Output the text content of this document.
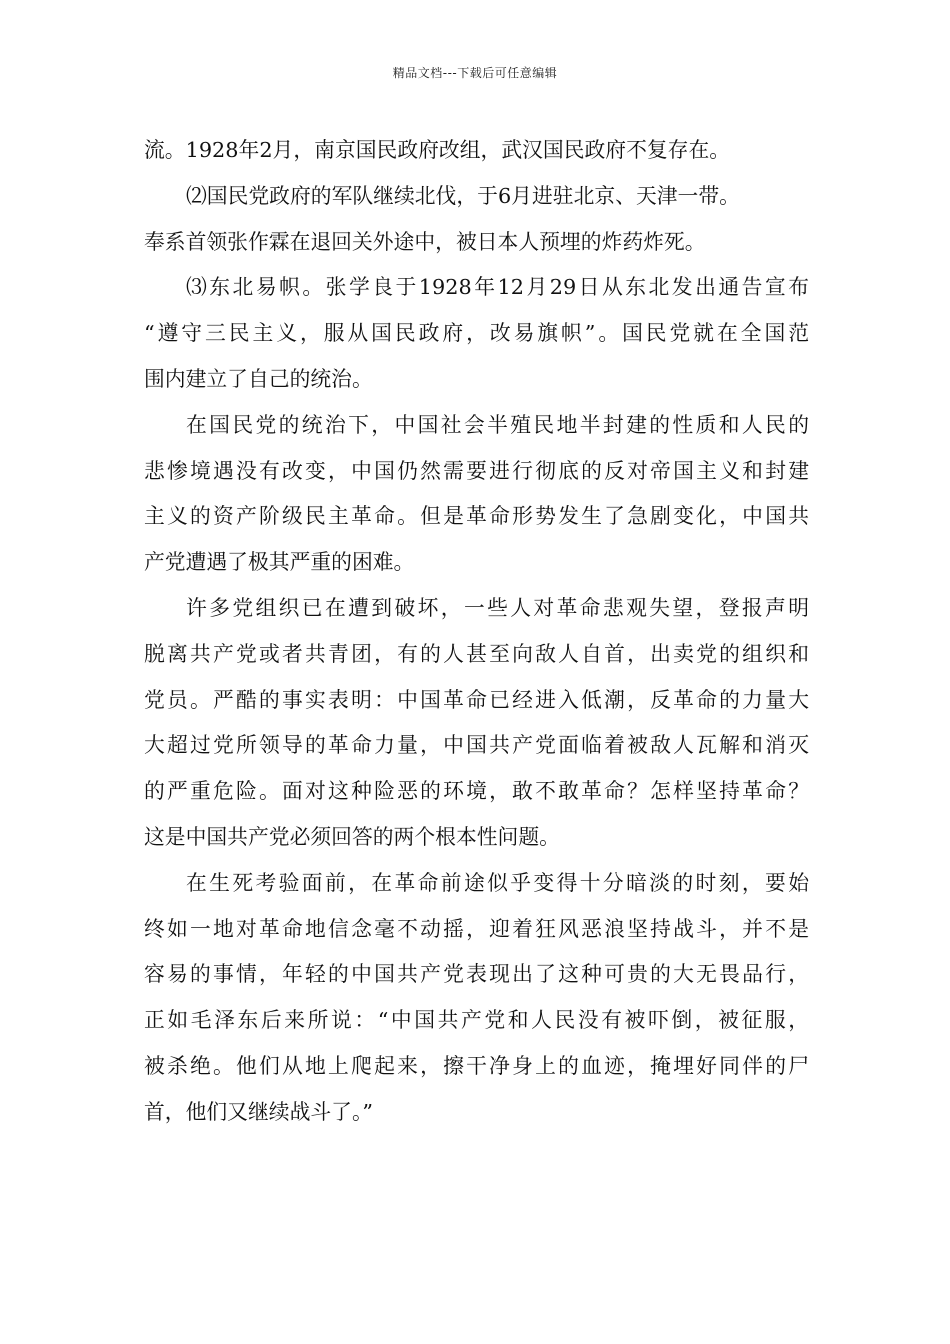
精品文档---下载后可任意编辑
流。1928年2月，南京国民政府改组，武汉国民政府不复存在。
⑵国民党政府的军队继续北伐，于6月进驻北京、天津一带。
奉系首领张作霖在退回关外途中，被日本人预埋的炸药炸死。
⑶东北易帜。张学良于1928年12月29日从东北发出通告宣布
“遵守三民主义，服从国民政府，改易旗帜”。国民党就在全国范
围内建立了自己的统治。
在国民党的统治下，中国社会半殖民地半封建的性质和人民的
悲惨境遇没有改变，中国仍然需要进行彻底的反对帝国主义和封建
主义的资产阶级民主革命。但是革命形势发生了急剧变化，中国共
产党遭遇了极其严重的困难。
许多党组织已在遭到破坏，一些人对革命悲观失望，登报声明
脱离共产党或者共青团，有的人甚至向敌人自首，出卖党的组织和
党员。严酷的事实表明：中国革命已经进入低潮，反革命的力量大
大超过党所领导的革命力量，中国共产党面临着被敌人瓦解和消灭
的严重危险。面对这种险恶的环境，敢不敢革命？怎样坚持革命？
这是中国共产党必须回答的两个根本性问题。
在生死考验面前，在革命前途似乎变得十分暗淡的时刻，要始
终如一地对革命地信念毫不动摇，迎着狂风恶浪坚持战斗，并不是
容易的事情，年轻的中国共产党表现出了这种可贵的大无畏品行，
正如毛泽东后来所说：“中国共产党和人民没有被吓倒，被征服，
被杀绝。他们从地上爬起来，擦干净身上的血迹，掩埋好同伴的尸
首，他们又继续战斗了。”
